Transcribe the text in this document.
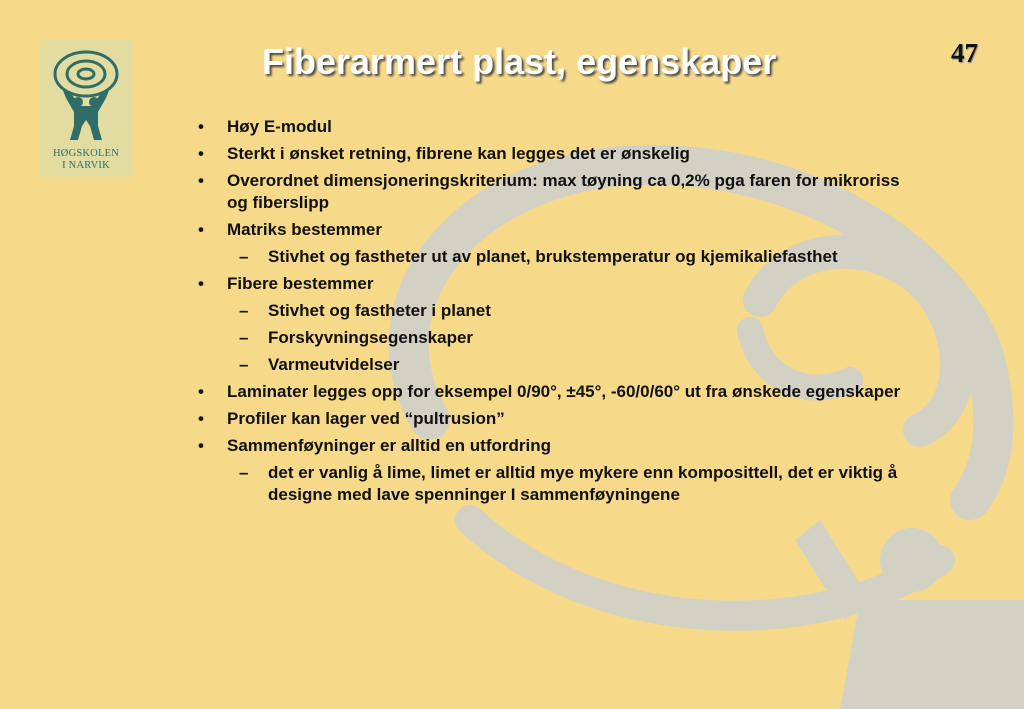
HØGSKOLEN
I NARVIK
Fiberarmert plast, egenskaper	47
• Høy E-modul
• Sterkt i ønsket retning, fibrene kan legges det er ønskelig
• Overordnet dimensjoneringskriterium: max tøyning ca 0,2% pga faren for mikroriss og fiberslipp
• Matriks bestemmer
– Stivhet og fastheter ut av planet, brukstemperatur og kjemikaliefasthet
• Fibere bestemmer
– Stivhet og fastheter i planet
– Forskyvningsegenskaper
– Varmeutvidelser
• Laminater legges opp for eksempel 0/90°, ±45°, -60/0/60° ut fra ønskede egenskaper
• Profiler kan lager ved “pultrusion”
• Sammenføyninger er alltid en utfordring
– det er vanlig å lime, limet er alltid mye mykere enn komposittell, det er viktig å designe med lave spenninger I sammenføyningene
